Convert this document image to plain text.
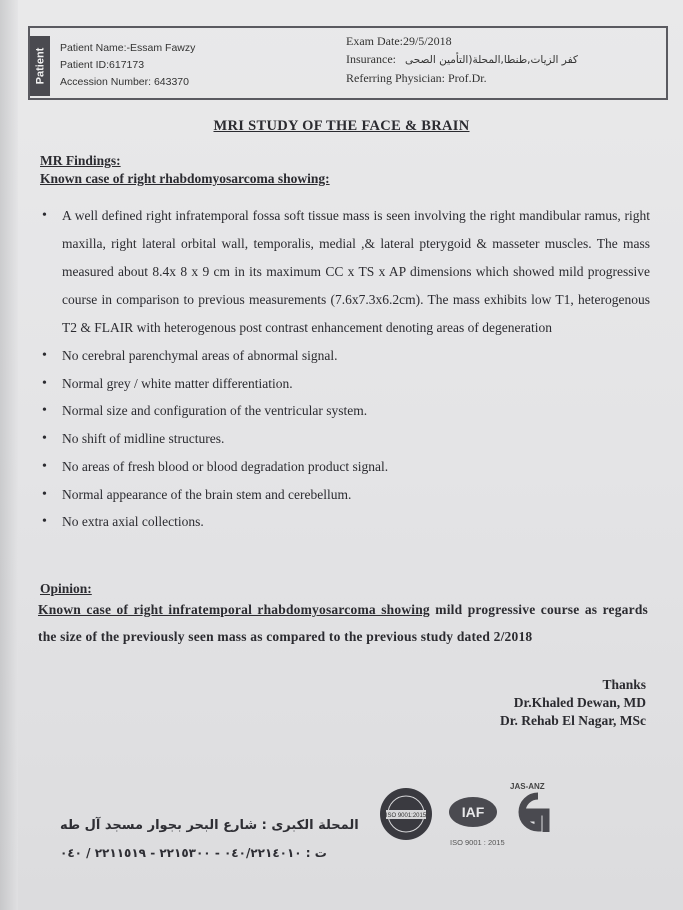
Patient Patient Name:-Essam Fawzy
Patient ID:617173
Accession Number: 643370
Exam Date:29/5/2018
Insurance: كفر الزيات,طنطا,المحلة(التأمين الصحى
Referring Physician: Prof.Dr.
MRI STUDY OF THE FACE & BRAIN
MR Findings:
Known case of right rhabdomyosarcoma showing:

• A well defined right infratemporal fossa soft tissue mass is seen involving the right mandibular ramus, right maxilla, right lateral orbital wall, temporalis, medial ,& lateral pterygoid & masseter muscles. The mass measured about 8.4x 8 x 9 cm in its maximum CC x TS x AP dimensions which showed mild progressive course in comparison to previous measurements (7.6x7.3x6.2cm). The mass exhibits low T1, heterogenous T2 & FLAIR with heterogenous post contrast enhancement denoting areas of degeneration

• No cerebral parenchymal areas of abnormal signal.

• Normal grey / white matter differentiation.

• Normal size and configuration of the ventricular system.

• No shift of midline structures.

• No areas of fresh blood or blood degradation product signal.

• Normal appearance of the brain stem and cerebellum.

• No extra axial collections.

Opinion:
Known case of right infratemporal rhabdomyosarcoma showing mild progressive course as regards the size of the previously seen mass as compared to the previous study dated 2/2018
Thanks
Dr.Khaled Dewan, MD
Dr. Rehab El Nagar, MSc
المحلة الكبرى : شارع البحر بجوار مسجد آل طه
ت : ٠٤٠/٢٢١٤٠١٠ - ٢٢١٥٣٠٠ - ٢٢١١٥١٩ / ٠٤٠
ISO 9001:2015	IAF
ISO 9001 : 2015
JAS-ANZ
